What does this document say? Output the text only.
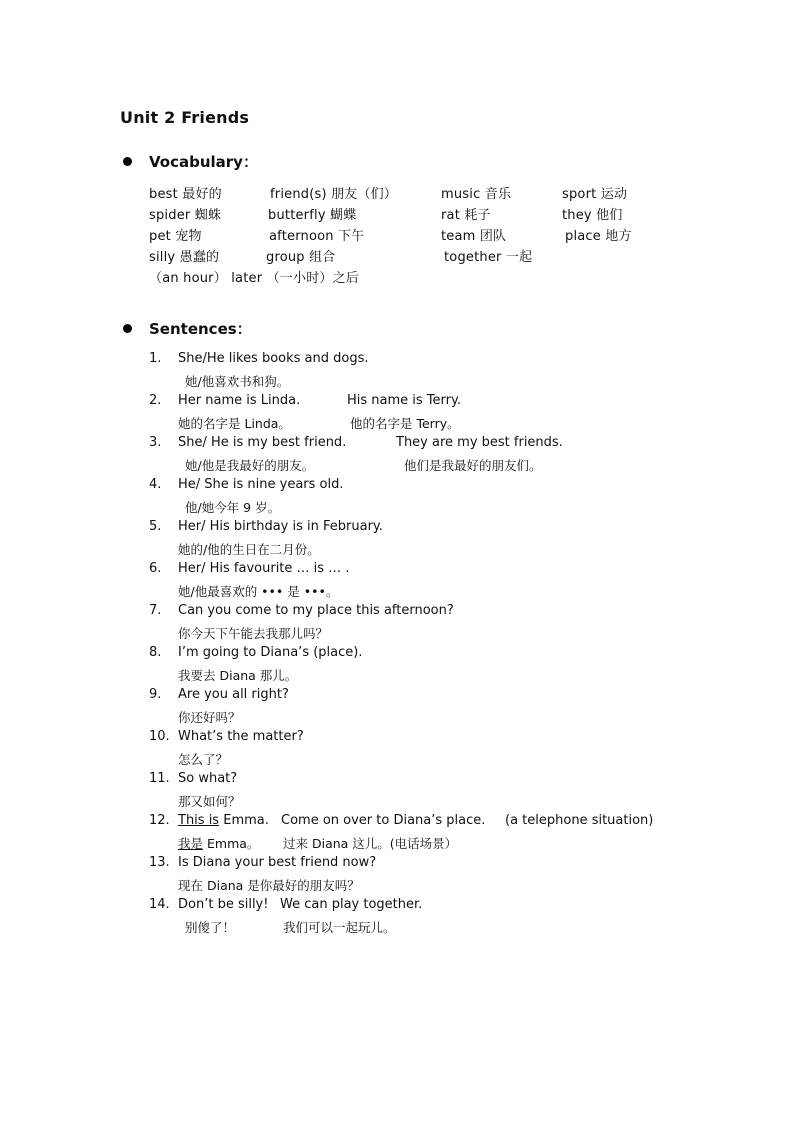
Unit 2 Friends
Vocabulary：
best 最好的	friend(s) 朋友（们）	music 音乐	sport 运动
spider 蜘蛛	butterfly 蝴蝶	rat 耗子	they 他们
pet 宠物	afternoon 下午	team 团队	place 地方
silly 愚蠢的	group 组合	together 一起
（an hour） later （一小时）之后
Sentences：
1. She/He likes books and dogs.
她/他喜欢书和狗。
2. Her name is Linda.	His name is Terry.
她的名字是 Linda。	他的名字是 Terry。
3. She/ He is my best friend.	They are my best friends.
她/他是我最好的朋友。	他们是我最好的朋友们。
4. He/ She is nine years old.
他/她今年 9 岁。
5. Her/ His birthday is in February.
她的/他的生日在二月份。
6. Her/ His favourite … is … .
她/他最喜欢的 ••• 是 •••。
7. Can you come to my place this afternoon?
你今天下午能去我那儿吗？
8. I’m going to Diana’s (place).
我要去 Diana 那儿。
9. Are you all right?
你还好吗？
10. What’s the matter?
怎么了？
11. So what?
那又如何？
12. This is Emma. Come on over to Diana’s place. (a telephone situation)
我是 Emma。 过来 Diana 这儿。(电话场景）
13. Is Diana your best friend now?
现在 Diana 是你最好的朋友吗？
14. Don’t be silly! We can play together.
别傻了！	我们可以一起玩儿。
